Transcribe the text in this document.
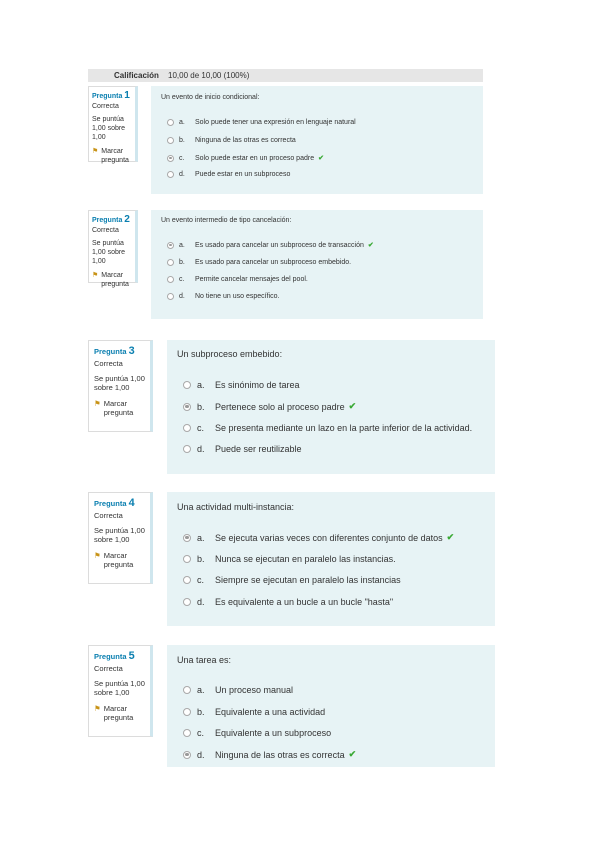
Calificación 10,00 de 10,00 (100%)
Pregunta 1
Correcta
Se puntúa 1,00 sobre 1,00
⚑ Marcar pregunta
Un evento de inicio condicional:
a.	Solo puede tener una expresión en lenguaje natural
b.	Ninguna de las otras es correcta
c.	Solo puede estar en un proceso padre ✔
d.	Puede estar en un subproceso
Pregunta 2
Correcta
Se puntúa 1,00 sobre 1,00
⚑ Marcar pregunta
Un evento intermedio de tipo cancelación:
a.	Es usado para cancelar un subproceso de transacción ✔
b.	Es usado para cancelar un subproceso embebido.
c.	Permite cancelar mensajes del pool.
d.	No tiene un uso específico.
Pregunta 3
Correcta
Se puntúa 1,00 sobre 1,00
⚑ Marcar pregunta
Un subproceso embebido:
a.	Es sinónimo de tarea
b.	Pertenece solo al proceso padre ✔
c.	Se presenta mediante un lazo en la parte inferior de la actividad.
d.	Puede ser reutilizable
Pregunta 4
Correcta
Se puntúa 1,00 sobre 1,00
⚑ Marcar pregunta
Una actividad multi-instancia:
a.	Se ejecuta varias veces con diferentes conjunto de datos ✔
b.	Nunca se ejecutan en paralelo las instancias.
c.	Siempre se ejecutan en paralelo las instancias
d.	Es equivalente a un bucle a un bucle "hasta"
Pregunta 5
Correcta
Se puntúa 1,00 sobre 1,00
⚑ Marcar pregunta
Una tarea es:
a.	Un proceso manual
b.	Equivalente a una actividad
c.	Equivalente a un subproceso
d.	Ninguna de las otras es correcta ✔
